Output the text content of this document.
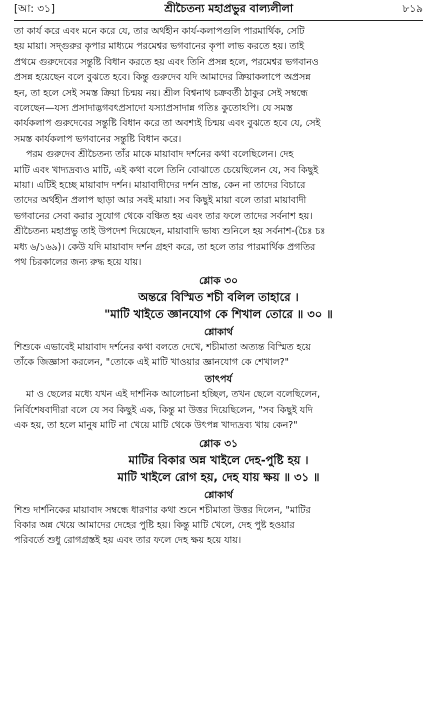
[আ: ৩১]	শ্রীচৈতন্য মহাপ্রভুর বাল্যলীলা	৮১৯

তা কার্য করে এবং মনে করে যে, তার অর্থহীন কার্য-কলাপগুলি পারমার্থিক, সেটি

হয় মায়া। সদ্গুরুর কৃপার মাধ্যমে পরমেশ্বর ভগবানের কৃপা লাভ করতে হয়। তাই

প্রথমে গুরুদেবের সন্তুষ্টি বিধান করতে হয় এবং তিনি প্রসন্ন হলে, পরমেশ্বর ভগবানও

প্রসন্ন হয়েছেন বলে বুঝতে হবে। কিন্তু গুরুদেব যদি আমাদের ক্রিয়াকলাপে অপ্রসন্ন

হন, তা হলে সেই সমস্ত ক্রিয়া চিন্ময় নয়। শ্রীল বিশ্বনাথ চক্রবর্তী ঠাকুর সেই সম্বন্ধে

বলেছেন—যস্য প্রসাদাদ্ভগবৎপ্রসাদো যস্যাপ্রসাদান্ন গতিঃ কুতোঽপি। যে সমস্ত

কার্যকলাপ গুরুদেবের সন্তুষ্টি বিধান করে তা অবশ্যই চিন্ময় এবং বুঝতে হবে যে, সেই

সমস্ত কার্যকলাপ ভগবানের সন্তুষ্টি বিধান করে।

পরম গুরুদেব শ্রীচৈতন্য তাঁর মাকে মায়াবাদ দর্শনের কথা বলেছিলেন। দেহ

মাটি এবং খাদ্যদ্রব্যও মাটি, এই কথা বলে তিনি বোঝাতে চেয়েছিলেন যে, সব কিছুই

মায়া। এটিই হচ্ছে মায়াবাদ দর্শন। মায়াবাদীদের দর্শন ভ্রান্ত, কেন না তাদের বিচারে

তাদের অর্থহীন প্রলাপ ছাড়া আর সবই মায়া। সব কিছুই মায়া বলে তারা মায়াবাদী

ভগবানের সেবা করার সুযোগ থেকে বঞ্চিত হয় এবং তার ফলে তাদের সর্বনাশ হয়।

শ্রীচৈতন্য মহাপ্রভু তাই উপদেশ দিয়েছেন, মায়াবাদি ভাষ্য শুনিলে হয় সর্বনাশ-(চৈঃ চঃ

মধ্য ৬/১৬৯)। কেউ যদি মায়াবাদ দর্শন গ্রহণ করে, তা হলে তার পারমার্থিক প্রগতির

পথ চিরকালের জন্য রুদ্ধ হয়ে যায়।

শ্লোক ৩০
অন্তরে বিস্মিত শচী বলিল তাহারে ।
"মাটি খাইতে জ্ঞানযোগ কে শিখাল তোরে ॥ ৩০ ॥
শ্লোকার্থ

শিশুকে এভাবেই মায়াবাদ দর্শনের কথা বলতে দেখে, শচীমাতা অত্যন্ত বিস্মিত হয়ে

তাঁকে জিজ্ঞাসা করলেন, "তোকে এই মাটি খাওয়ার জ্ঞানযোগ কে শেখাল?"

তাৎপর্য

মা ও ছেলের মধ্যে যখন এই দার্শনিক আলোচনা হচ্ছিল, তখন ছেলে বলেছিলেন,

নির্বিশেষবাদীরা বলে যে সব কিছুই এক, কিন্তু মা উত্তর দিয়েছিলেন, "সব কিছুই যদি

এক হয়, তা হলে মানুষ মাটি না খেয়ে মাটি থেকে উৎপন্ন খাদ্যদ্রব্য খায় কেন?"

শ্লোক ৩১
মাটির বিকার অন্ন খাইলে দেহ-পুষ্টি হয় ।
মাটি খাইলে রোগ হয়, দেহ যায় ক্ষয় ॥ ৩১ ॥
শ্লোকার্থ

শিশু দার্শনিকের মায়াবাদ সম্বন্ধে ধারণার কথা শুনে শচীমাতা উত্তর দিলেন, "মাটির

বিকার অন্ন খেয়ে আমাদের দেহের পুষ্টি হয়। কিন্তু মাটি খেলে, দেহ পুষ্ট হওয়ার

পরিবর্তে শুধু রোগগ্রস্তই হয় এবং তার ফলে দেহ ক্ষয় হয়ে যায়।
